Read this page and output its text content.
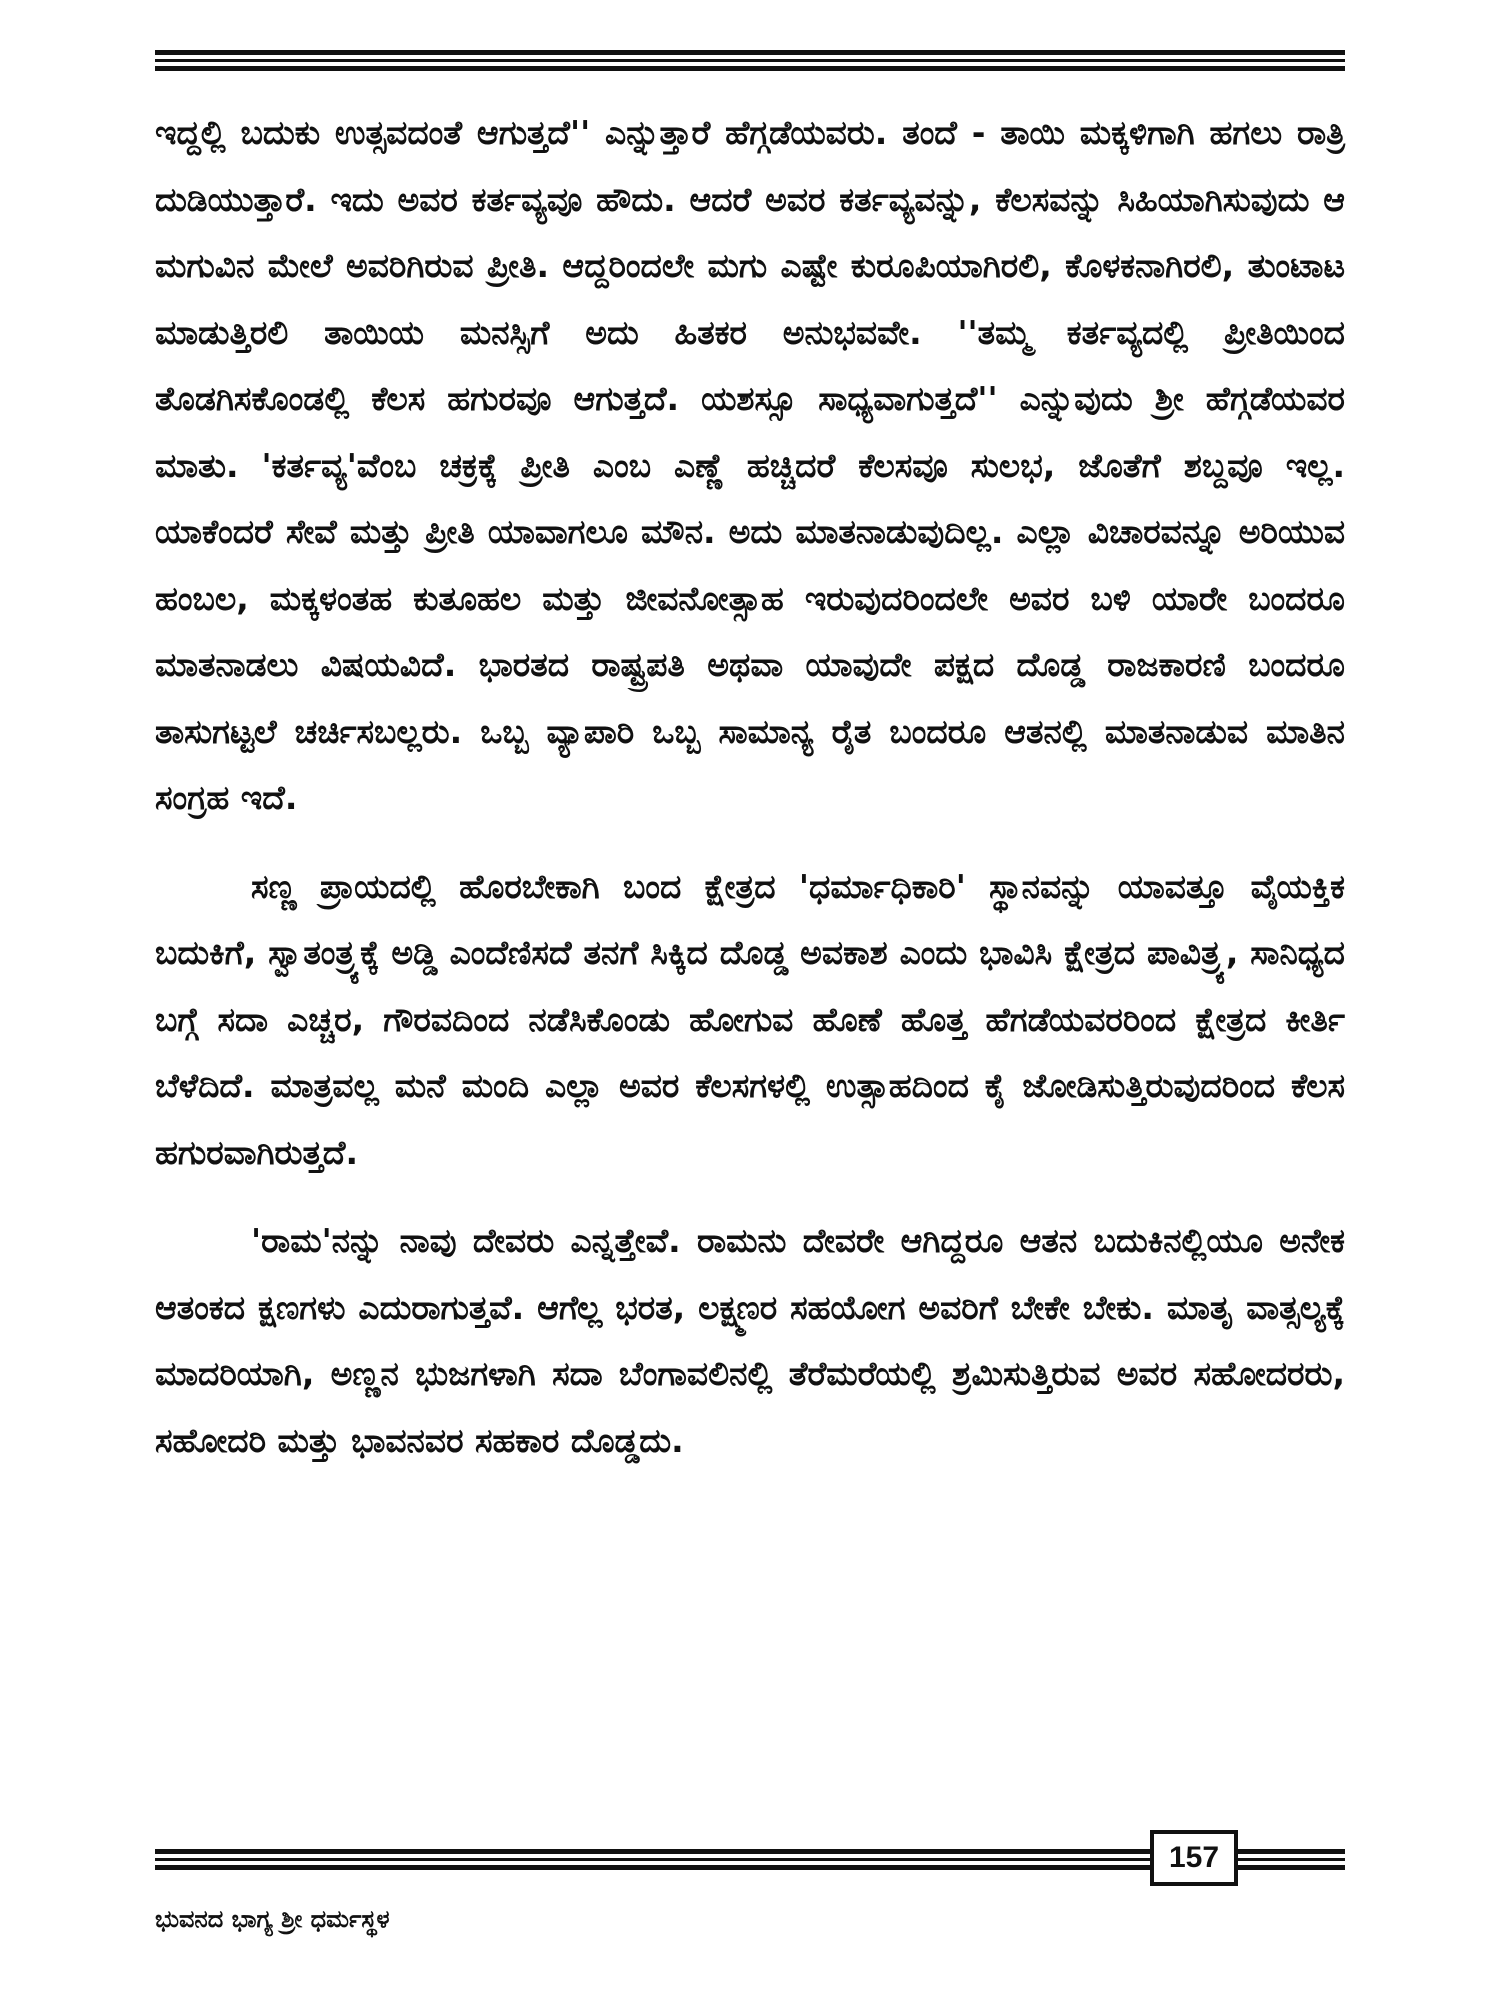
ಇದ್ದಲ್ಲಿ ಬದುಕು ಉತ್ಸವದಂತೆ ಆಗುತ್ತದೆ'' ಎನ್ನುತ್ತಾರೆ ಹೆಗ್ಗಡೆಯವರು. ತಂದೆ - ತಾಯಿ ಮಕ್ಕಳಿಗಾಗಿ ಹಗಲು ರಾತ್ರಿ ದುಡಿಯುತ್ತಾರೆ. ಇದು ಅವರ ಕರ್ತವ್ಯವೂ ಹೌದು. ಆದರೆ ಅವರ ಕರ್ತವ್ಯವನ್ನು, ಕೆಲಸವನ್ನು ಸಿಹಿಯಾಗಿಸುವುದು ಆ ಮಗುವಿನ ಮೇಲೆ ಅವರಿಗಿರುವ ಪ್ರೀತಿ. ಆದ್ದರಿಂದಲೇ ಮಗು ಎಷ್ಟೇ ಕುರೂಪಿಯಾಗಿರಲಿ, ಕೊಳಕನಾಗಿರಲಿ, ತುಂಟಾಟ ಮಾಡುತ್ತಿರಲಿ ತಾಯಿಯ ಮನಸ್ಸಿಗೆ ಅದು ಹಿತಕರ ಅನುಭವವೇ. ''ತಮ್ಮ ಕರ್ತವ್ಯದಲ್ಲಿ ಪ್ರೀತಿಯಿಂದ ತೊಡಗಿಸಕೊಂಡಲ್ಲಿ ಕೆಲಸ ಹಗುರವೂ ಆಗುತ್ತದೆ. ಯಶಸ್ಸೂ ಸಾಧ್ಯವಾಗುತ್ತದೆ'' ಎನ್ನುವುದು ಶ್ರೀ ಹೆಗ್ಗಡೆಯವರ ಮಾತು. 'ಕರ್ತವ್ಯ'ವೆಂಬ ಚಕ್ರಕ್ಕೆ ಪ್ರೀತಿ ಎಂಬ ಎಣ್ಣೆ ಹಚ್ಚಿದರೆ ಕೆಲಸವೂ ಸುಲಭ, ಜೊತೆಗೆ ಶಬ್ದವೂ ಇಲ್ಲ. ಯಾಕೆಂದರೆ ಸೇವೆ ಮತ್ತು ಪ್ರೀತಿ ಯಾವಾಗಲೂ ಮೌನ. ಅದು ಮಾತನಾಡುವುದಿಲ್ಲ. ಎಲ್ಲಾ ವಿಚಾರವನ್ನೂ ಅರಿಯುವ ಹಂಬಲ, ಮಕ್ಕಳಂತಹ ಕುತೂಹಲ ಮತ್ತು ಜೀವನೋತ್ಸಾಹ ಇರುವುದರಿಂದಲೇ ಅವರ ಬಳಿ ಯಾರೇ ಬಂದರೂ ಮಾತನಾಡಲು ವಿಷಯವಿದೆ. ಭಾರತದ ರಾಷ್ಟ್ರಪತಿ ಅಥವಾ ಯಾವುದೇ ಪಕ್ಷದ ದೊಡ್ಡ ರಾಜಕಾರಣಿ ಬಂದರೂ ತಾಸುಗಟ್ಟಲೆ ಚರ್ಚಿಸಬಲ್ಲರು. ಒಬ್ಬ ವ್ಯಾಪಾರಿ ಒಬ್ಬ ಸಾಮಾನ್ಯ ರೈತ ಬಂದರೂ ಆತನಲ್ಲಿ ಮಾತನಾಡುವ ಮಾತಿನ ಸಂಗ್ರಹ ಇದೆ.

ಸಣ್ಣ ಪ್ರಾಯದಲ್ಲಿ ಹೊರಬೇಕಾಗಿ ಬಂದ ಕ್ಷೇತ್ರದ 'ಧರ್ಮಾಧಿಕಾರಿ' ಸ್ಥಾನವನ್ನು ಯಾವತ್ತೂ ವೈಯಕ್ತಿಕ ಬದುಕಿಗೆ, ಸ್ವಾತಂತ್ರ್ಯಕ್ಕೆ ಅಡ್ಡಿ ಎಂದೆಣಿಸದೆ ತನಗೆ ಸಿಕ್ಕಿದ ದೊಡ್ಡ ಅವಕಾಶ ಎಂದು ಭಾವಿಸಿ ಕ್ಷೇತ್ರದ ಪಾವಿತ್ರ್ಯ, ಸಾನಿಧ್ಯದ ಬಗ್ಗೆ ಸದಾ ಎಚ್ಚರ, ಗೌರವದಿಂದ ನಡೆಸಿಕೊಂಡು ಹೋಗುವ ಹೊಣೆ ಹೊತ್ತ ಹೆಗಡೆಯವರರಿಂದ ಕ್ಷೇತ್ರದ ಕೀರ್ತಿ ಬೆಳೆದಿದೆ. ಮಾತ್ರವಲ್ಲ ಮನೆ ಮಂದಿ ಎಲ್ಲಾ ಅವರ ಕೆಲಸಗಳಲ್ಲಿ ಉತ್ಸಾಹದಿಂದ ಕೈ ಜೋಡಿಸುತ್ತಿರುವುದರಿಂದ ಕೆಲಸ ಹಗುರವಾಗಿರುತ್ತದೆ.

'ರಾಮ'ನನ್ನು ನಾವು ದೇವರು ಎನ್ನತ್ತೇವೆ. ರಾಮನು ದೇವರೇ ಆಗಿದ್ದರೂ ಆತನ ಬದುಕಿನಲ್ಲಿಯೂ ಅನೇಕ ಆತಂಕದ ಕ್ಷಣಗಳು ಎದುರಾಗುತ್ತವೆ. ಆಗೆಲ್ಲ ಭರತ, ಲಕ್ಷ್ಮಣರ ಸಹಯೋಗ ಅವರಿಗೆ ಬೇಕೇ ಬೇಕು. ಮಾತೃ ವಾತ್ಸಲ್ಯಕ್ಕೆ ಮಾದರಿಯಾಗಿ, ಅಣ್ಣನ ಭುಜಗಳಾಗಿ ಸದಾ ಬೆಂಗಾವಲಿನಲ್ಲಿ ತೆರೆಮರೆಯಲ್ಲಿ ಶ್ರಮಿಸುತ್ತಿರುವ ಅವರ ಸಹೋದರರು, ಸಹೋದರಿ ಮತ್ತು ಭಾವನವರ ಸಹಕಾರ ದೊಡ್ಡದು.

157
ಭುವನದ ಭಾಗ್ಯ ಶ್ರೀ ಧರ್ಮಸ್ಥಳ
